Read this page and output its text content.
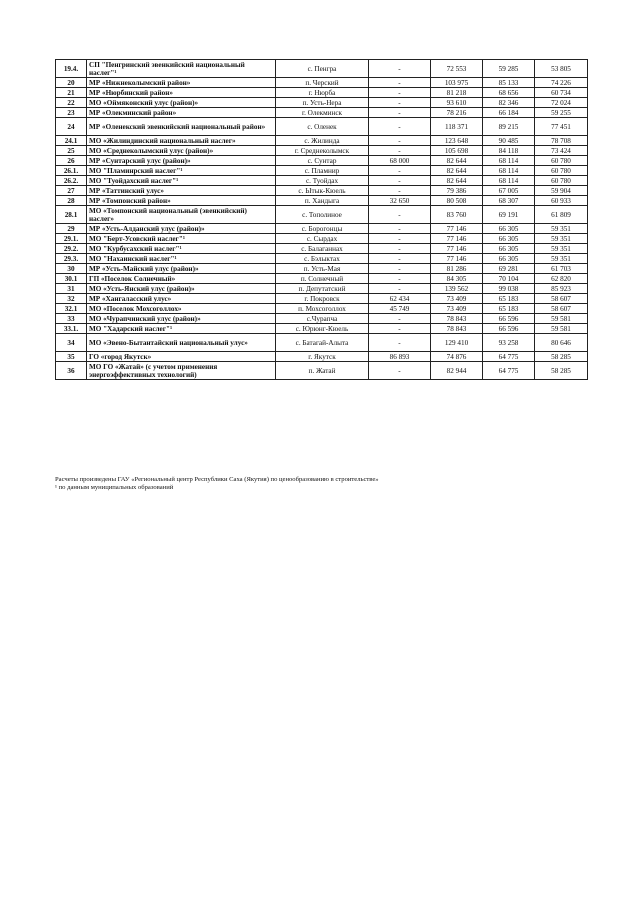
19.4.	СП "Пенгринский эвенкийский национальный наслег"¹	с. Пенгра	-	72 553	59 285	53 805
20	МР «Нижнеколымский район»	п. Черский	-	103 975	85 133	74 226
21	МР «Нюрбинский район»	г. Нюрба	-	81 218	68 656	60 734
22	МО «Оймяконский улус (район)»	п. Усть-Нера	-	93 610	82 346	72 024
23	МР «Олекминский район»	г. Олекминск	-	78 216	66 184	59 255
24	МР «Оленекский эвенкийский национальный район»	с. Оленек	-	118 371	89 215	77 451
24.1	МО «Жилиндинский национальный наслег»	с. Жилинда	-	123 648	90 485	78 708
25	МО «Среднеколымский улус (район)»	г. Среднеколымск	-	105 698	84 118	73 424
26	МР «Сунтарский улус (район)»	с. Сунтар	68 000	82 644	68 114	60 780
26.1.	МО "Пламинрский наслег"¹	с. Пламнир	-	82 644	68 114	60 780
26.2.	МО "Туойдахский наслег"¹	с. Туойдах	-	82 644	68 114	60 780
27	МР «Таттинский улус»	с. Ытык-Кюель	-	79 386	67 005	59 904
28	МР «Томпонский район»	п. Хандыга	32 650	80 508	68 307	60 933
28.1	МО «Томпонский национальный (эвенкийский) наслег»	с. Тополиное	-	83 760	69 191	61 809
29	МР «Усть-Алданский улус (район)»	с. Борогонцы	-	77 146	66 305	59 351
29.1.	МО "Берт-Усовский наслег"¹	с. Сырдах	-	77 146	66 305	59 351
29.2.	МО "Курбусахский наслег"¹	с. Балаганнах	-	77 146	66 305	59 351
29.3.	МО "Нахаинский наслег"¹	с. Бэлыктах	-	77 146	66 305	59 351
30	МР «Усть-Майский улус (район)»	п. Усть-Мая	-	81 286	69 281	61 703
30.1	ГП «Поселок Солнечный»	п. Солнечный	-	84 305	70 104	62 820
31	МО «Усть-Янский улус (район)»	п. Депутатский	-	139 562	99 038	85 923
32	МР «Хангаласский улус»	г. Покровск	62 434	73 409	65 183	58 607
32.1	МО «Поселок Мохсоголлох»	п. Мохсоголлох	45 749	73 409	65 183	58 607
33	МО «Чурапчинский улус (район)»	с.Чурапча	-	78 843	66 596	59 581
33.1.	МО "Хадарский наслег"¹	с. Юрюнг-Кюель	-	78 843	66 596	59 581
34	МО «Эвено-Бытантайский национальный улус»	с. Батагай-Алыта	-	129 410	93 258	80 646
35	ГО «город Якутск»	г. Якутск	86 893	74 876	64 775	58 285
36	МО ГО «Жатай» (с учетом применения энергоэффективных технологий)	п. Жатай	-	82 944	64 775	58 285
Расчеты произведены ГАУ «Региональный центр Республики Саха (Якутия) по ценообразованию в строительстве»
¹ по данным муниципальных образований
